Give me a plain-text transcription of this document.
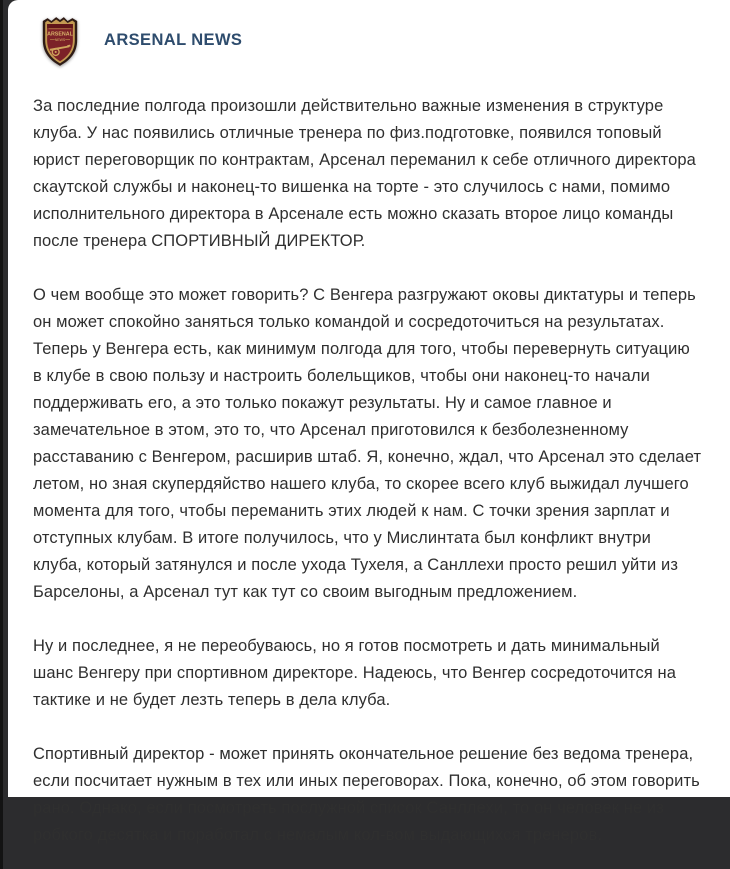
ARSENAL
NEWS ARSENAL NEWS

За последние полгода произошли действительно важные изменения в структуре клуба. У нас появились отличные тренера по физ.подготовке, появился топовый юрист переговорщик по контрактам, Арсенал переманил к себе отличного директора скаутской службы и наконец-то вишенка на торте - это случилось с нами, помимо исполнительного директора в Арсенале есть можно сказать второе лицо команды после тренера СПОРТИВНЫЙ ДИРЕКТОР.

О чем вообще это может говорить? С Венгера разгружают оковы диктатуры и теперь он может спокойно заняться только командой и сосредоточиться на результатах. Теперь у Венгера есть, как минимум полгода для того, чтобы перевернуть ситуацию в клубе в свою пользу и настроить болельщиков, чтобы они наконец-то начали поддерживать его, а это только покажут результаты. Ну и самое главное и замечательное в этом, это то, что Арсенал приготовился к безболезненному расставанию с Венгером, расширив штаб. Я, конечно, ждал, что Арсенал это сделает летом, но зная скупердяйство нашего клуба, то скорее всего клуб выжидал лучшего момента для того, чтобы переманить этих людей к нам. С точки зрения зарплат и отступных клубам. В итоге получилось, что у Мислинтата был конфликт внутри клуба, который затянулся и после ухода Тухеля, а Санллехи просто решил уйти из Барселоны, а Арсенал тут как тут со своим выгодным предложением.

Ну и последнее, я не переобуваюсь, но я готов посмотреть и дать минимальный шанс Венгеру при спортивном директоре. Надеюсь, что Венгер сосредоточится на тактике и не будет лезть теперь в дела клуба.

Спортивный директор - может принять окончательное решение без ведома тренера, если посчитает нужным в тех или иных переговорах. Пока, конечно, об этом говорить рано. Однако, если посмотреть послужной список Санллехи, то он человек не из робкого десятка и поработал с немалым кол-вом выдающихся тренеров.
